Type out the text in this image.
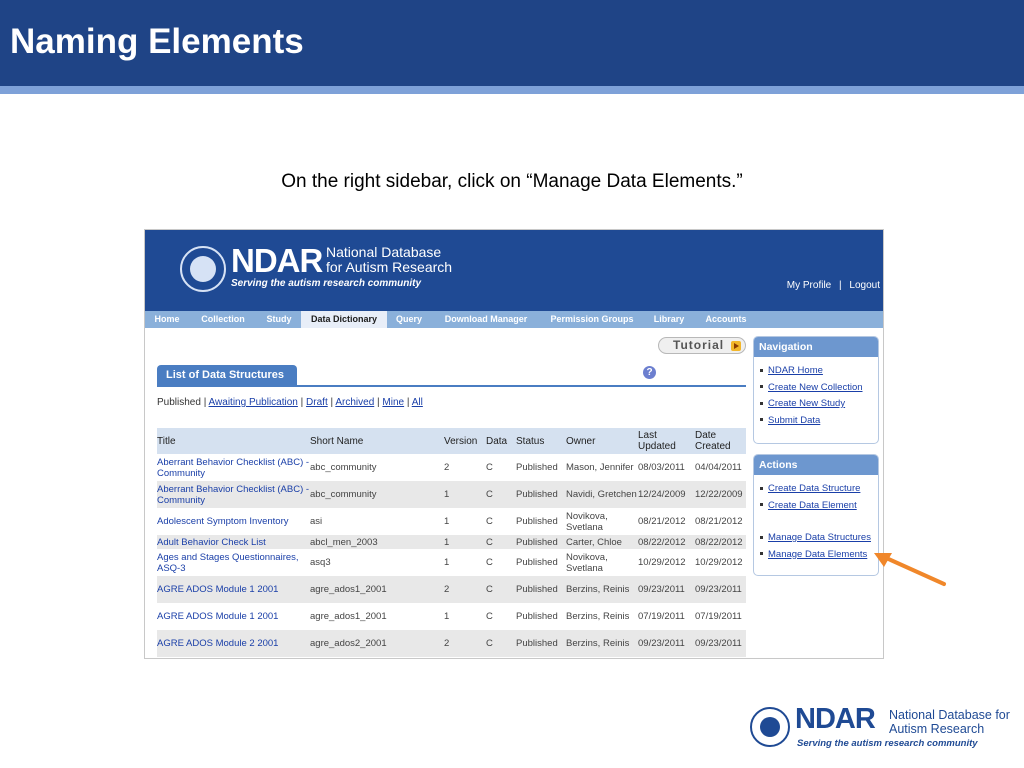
Naming Elements
On the right sidebar, click on “Manage Data Elements.”
NDAR National Database for Autism Research
Serving the autism research community	My Profile | Logout
Home	Collection	Study	Data Dictionary	Query	Download Manager	Permission Groups	Library	Accounts
Tutorial
List of Data Structures	?
Published | Awaiting Publication | Draft | Archived | Mine | All
Title	Short Name	Version	Data	Status	Owner	Last Updated	Date Created
Aberrant Behavior Checklist (ABC) - Community	abc_community	2	C	Published	Mason, Jennifer	08/03/2011	04/04/2011
Aberrant Behavior Checklist (ABC) - Community	abc_community	1	C	Published	Navidi, Gretchen	12/24/2009	12/22/2009
Adolescent Symptom Inventory	asi	1	C	Published	Novikova, Svetlana	08/21/2012	08/21/2012
Adult Behavior Check List	abcl_men_2003	1	C	Published	Carter, Chloe	08/22/2012	08/22/2012
Ages and Stages Questionnaires, ASQ-3	asq3	1	C	Published	Novikova, Svetlana	10/29/2012	10/29/2012
AGRE ADOS Module 1 2001	agre_ados1_2001	2	C	Published	Berzins, Reinis	09/23/2011	09/23/2011
AGRE ADOS Module 1 2001	agre_ados1_2001	1	C	Published	Berzins, Reinis	07/19/2011	07/19/2011
AGRE ADOS Module 2 2001	agre_ados2_2001	2	C	Published	Berzins, Reinis	09/23/2011	09/23/2011
Navigation
NDAR Home
Create New Collection
Create New Study
Submit Data
Actions
Create Data Structure
Create Data Element
Manage Data Structures
Manage Data Elements
NDAR National Database for Autism Research
Serving the autism research community
